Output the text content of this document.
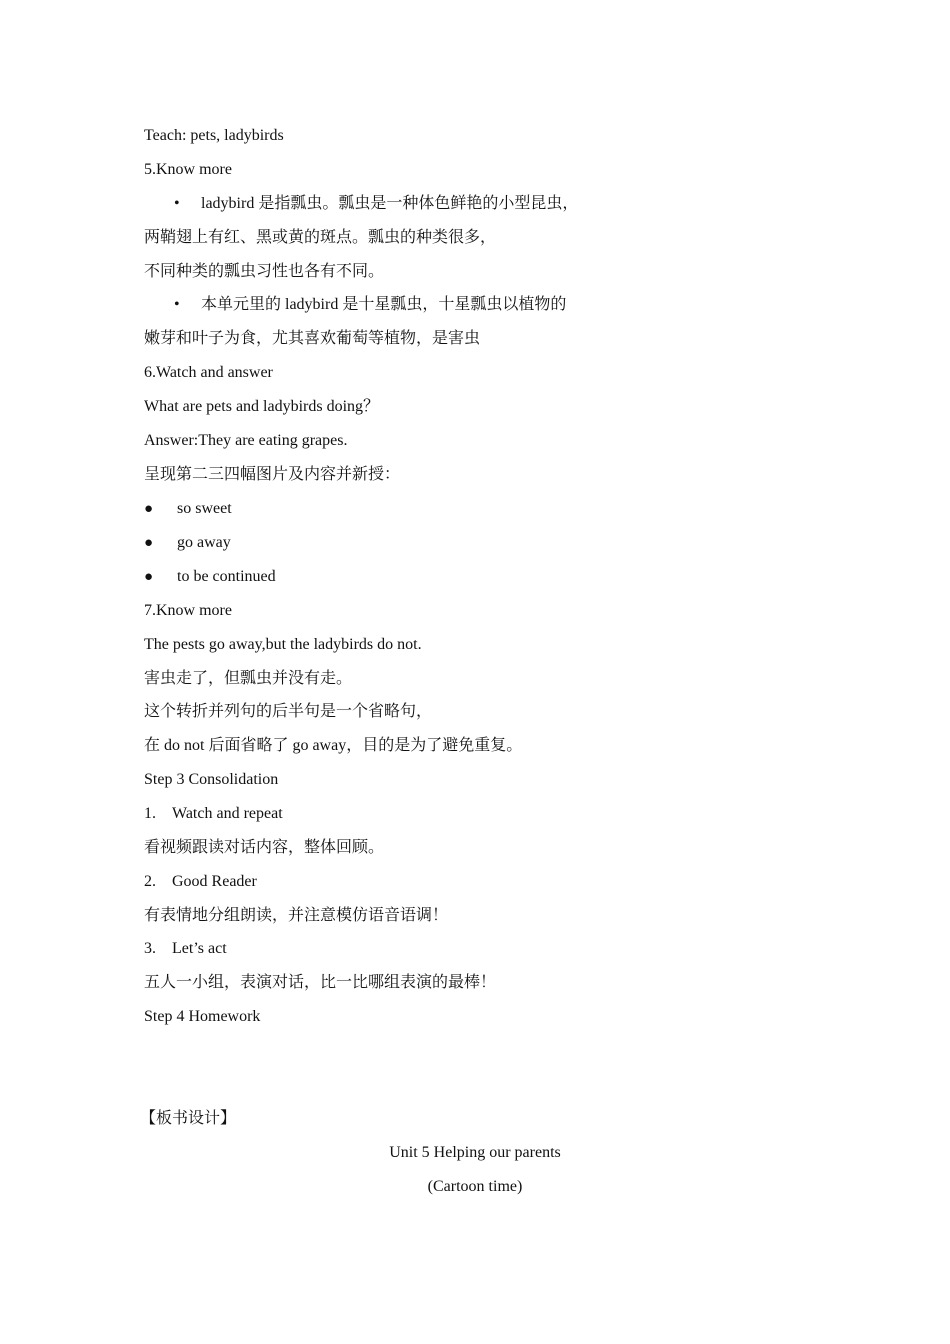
Teach: pets, ladybirds
5.Know more
• ladybird 是指瓢虫。瓢虫是一种体色鲜艳的小型昆虫，
两鞘翅上有红、黑或黄的斑点。瓢虫的种类很多，
不同种类的瓢虫习性也各有不同。
• 本单元里的 ladybird 是十星瓢虫，十星瓢虫以植物的
嫩芽和叶子为食，尤其喜欢葡萄等植物，是害虫
6.Watch and answer
What are pets and ladybirds doing？
Answer:They are eating grapes.
呈现第二三四幅图片及内容并新授：
● so sweet
● go away
● to be continued
7.Know more
The pests go away,but the ladybirds do not.
害虫走了，但瓢虫并没有走。
这个转折并列句的后半句是一个省略句，
在 do not 后面省略了 go away，目的是为了避免重复。
Step 3 Consolidation
1. Watch and repeat
看视频跟读对话内容，整体回顾。
2. Good Reader
有表情地分组朗读，并注意模仿语音语调！
3. Let’s act
五人一小组，表演对话，比一比哪组表演的最棒！
Step 4 Homework
【板书设计】
Unit 5 Helping our parents
(Cartoon time)
